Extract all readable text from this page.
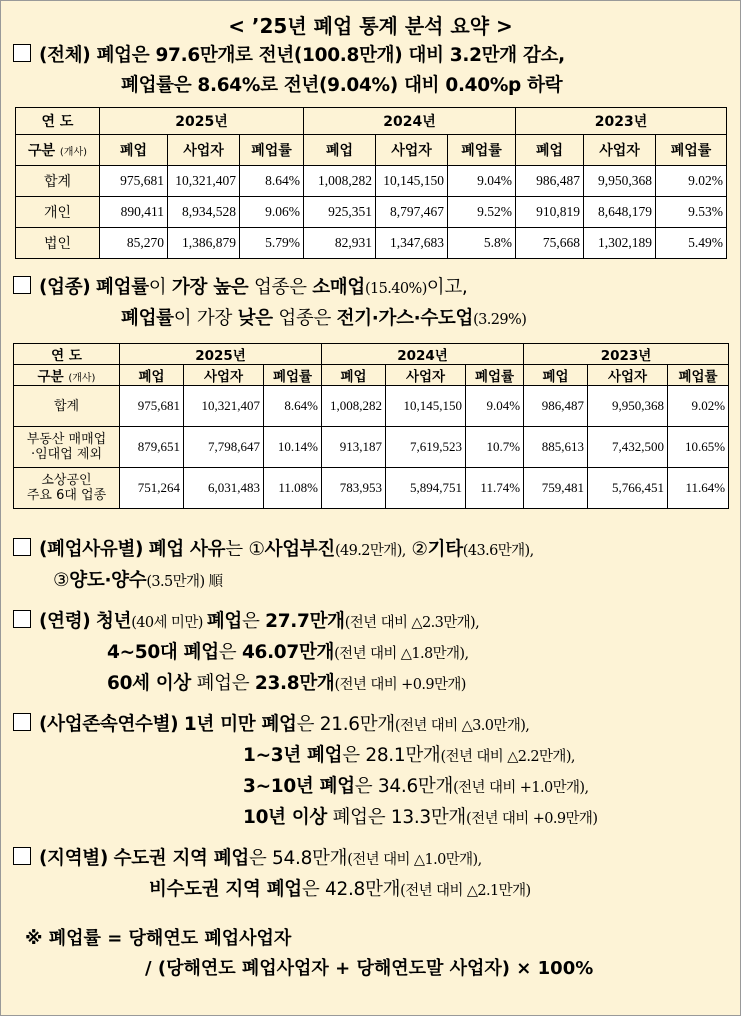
< ’25년 폐업 통계 분석 요약 >
(전체) 폐업은 97.6만개로 전년(100.8만개) 대비 3.2만개 감소,
폐업률은 8.64%로 전년(9.04%) 대비 0.40%p 하락
연 도	2025년			2024년			2023년		
구분 (개사)	폐업	사업자	폐업률	폐업	사업자	폐업률	폐업	사업자	폐업률
합계	975,681	10,321,407	8.64%	1,008,282	10,145,150	9.04%	986,487	9,950,368	9.02%
개인	890,411	8,934,528	9.06%	925,351	8,797,467	9.52%	910,819	8,648,179	9.53%
법인	85,270	1,386,879	5.79%	82,931	1,347,683	5.8%	75,668	1,302,189	5.49%
(업종) 폐업률이 가장 높은 업종은 소매업(15.40%)이고,
폐업률이 가장 낮은 업종은 전기·가스·수도업(3.29%)
연 도	2025년			2024년			2023년		
구분 (개사)	폐업	사업자	폐업률	폐업	사업자	폐업률	폐업	사업자	폐업률
합계	975,681	10,321,407	8.64%	1,008,282	10,145,150	9.04%	986,487	9,950,368	9.02%
부동산 매매업
·임대업 제외	879,651	7,798,647	10.14%	913,187	7,619,523	10.7%	885,613	7,432,500	10.65%
소상공인
주요 6대 업종	751,264	6,031,483	11.08%	783,953	5,894,751	11.74%	759,481	5,766,451	11.64%
(폐업사유별) 폐업 사유는 ①사업부진(49.2만개), ②기타(43.6만개),
③양도·양수(3.5만개) 順
(연령) 청년(40세 미만) 폐업은 27.7만개(전년 대비 △2.3만개),
4~50대 폐업은 46.07만개(전년 대비 △1.8만개),
60세 이상 폐업은 23.8만개(전년 대비 +0.9만개)
(사업존속연수별) 1년 미만 폐업은 21.6만개(전년 대비 △3.0만개),
1~3년 폐업은 28.1만개(전년 대비 △2.2만개),
3~10년 폐업은 34.6만개(전년 대비 +1.0만개),
10년 이상 폐업은 13.3만개(전년 대비 +0.9만개)
(지역별) 수도권 지역 폐업은 54.8만개(전년 대비 △1.0만개),
비수도권 지역 폐업은 42.8만개(전년 대비 △2.1만개)
※ 폐업률 = 당해연도 폐업사업자
/ (당해연도 폐업사업자 + 당해연도말 사업자) × 100%
